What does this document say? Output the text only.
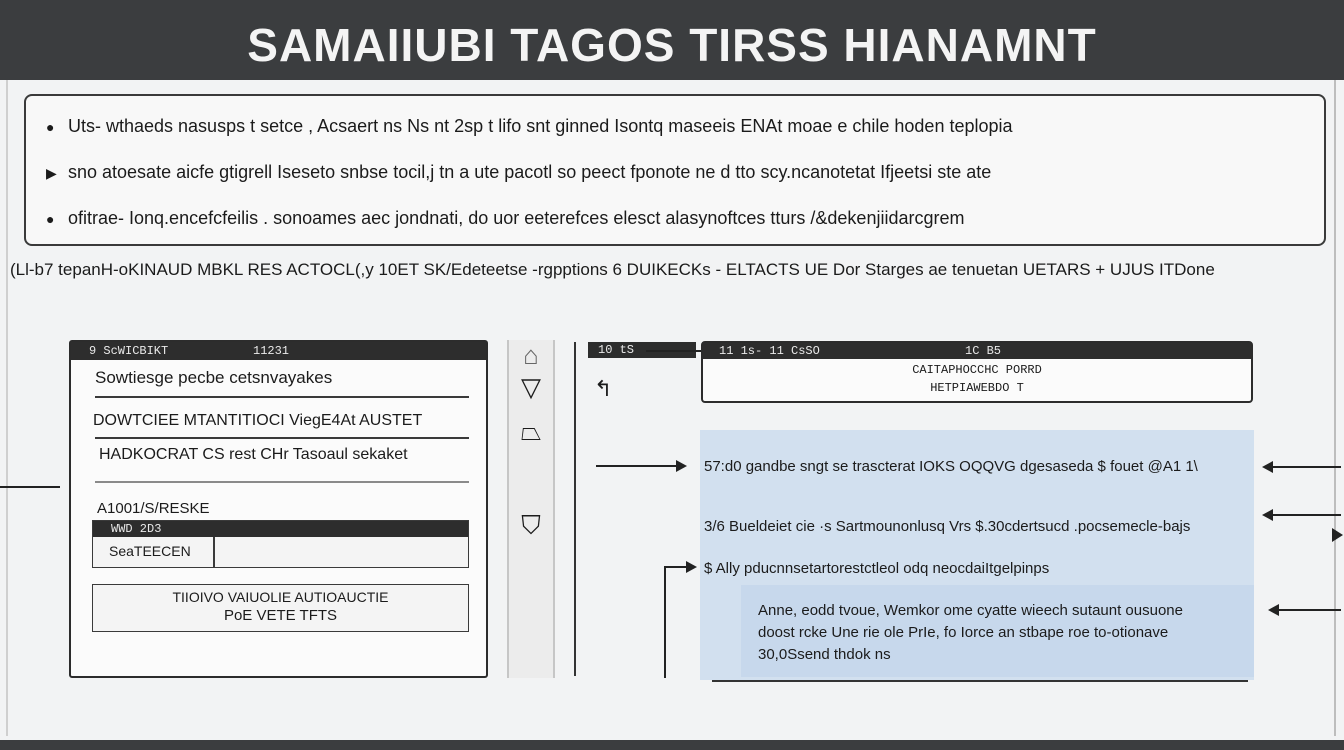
SAMAIIUBI TAGOS TIRSS HIANAMNT
● Uts- wthaeds nasusps t setce , Acsaert ns Ns nt 2sp t lifo snt ginned Isontq maseeis ENAt moae e chile hoden teplopia
▶ sno atoesate aicfe gtigrell Iseseto snbse tocil,j tn a ute pacotl so peect fponote ne d tto scy.ncanotetat Ifjeetsi ste ate
● ofitrae- Ionq.encefcfeilis . sonoames aec jondnati, do uor eeterefces elesct alasynoftces tturs /&dekenjiidarcgrem
(Ll-b7 tepanH-oKINAUD MBKL RES ACTOCL(,y 10ET SK/Edeteetse -rgpptions 6 DUIKECKs - ELTACTS UE Dor Starges ae tenuetan UETARS + UJUS ITDone
9 ScWICBIKT	11231
Sowtiesge pecbe cetsnvayakes
DOWTCIEE MTANTITIOCI ViegE4At AUSTET
HADKOCRAT CS rest CHr Tasoaul sekaket
A1001/S/RESKE
WWD 2D3
SeaTEECEN
TIIOIVO VAIUOLIE AUTIOAUCTIE
PoE VETE TFTS
⌂
▽
⏢
⛉
↰
10 tS	11 1s- 11 CsSO	1C B5
CAITAPHOCCHC PORRD
HETPIAWEBDO T
57:d0 gandbe sngt se trascterat IOKS OQQVG dgesaseda $ fouet @A1 1\
3/6 Bueldeiet cie ·s Sartmounonlusq Vrs $.30cdertsucd .pocsemecle-bajs
$ Ally pducnnsetartorestctleol odq neocdaiItgelpinps
Anne, eodd tvoue, Wemkor ome cyatte wieech sutaunt ousuone
doost rcke Une rie ole PrIe, fo Iorce an stbape roe to-otionave
30,0Ssend thdok ns
